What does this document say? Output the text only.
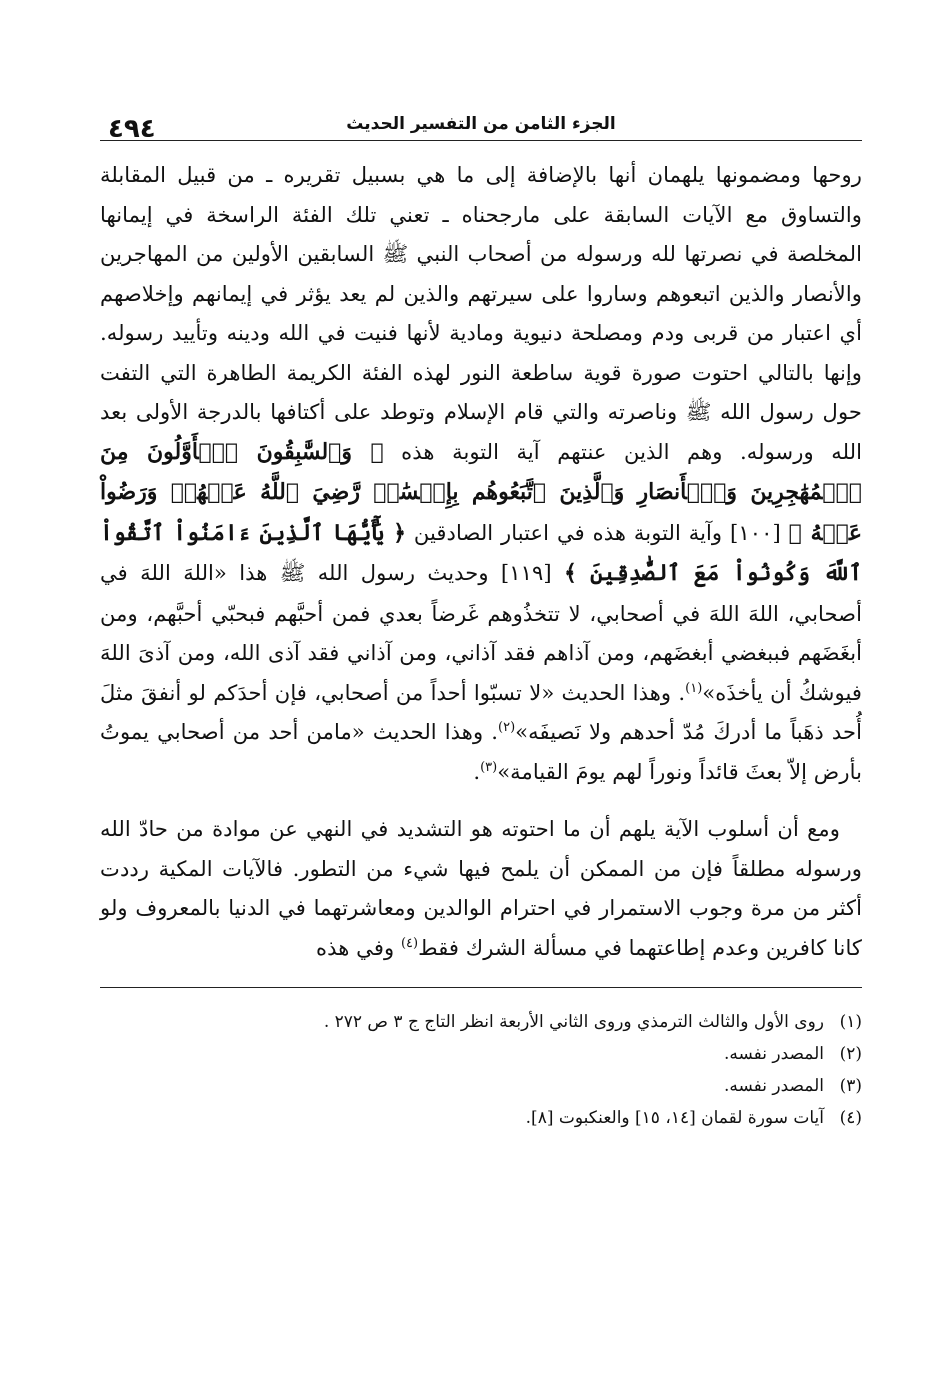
الجزء الثامن من التفسير الحديث
٤٩٤

روحها ومضمونها يلهمان أنها بالإضافة إلى ما هي بسبيل تقريره ـ من قبيل المقابلة والتساوق مع الآيات السابقة على مارجحناه ـ تعني تلك الفئة الراسخة في إيمانها المخلصة في نصرتها لله ورسوله من أصحاب النبي ﷺ السابقين الأولين من المهاجرين والأنصار والذين اتبعوهم وساروا على سيرتهم والذين لم يعد يؤثر في إيمانهم وإخلاصهم أي اعتبار من قربى ودم ومصلحة دنيوية ومادية لأنها فنيت في الله ودينه وتأييد رسوله. وإنها بالتالي احتوت صورة قوية ساطعة النور لهذه الفئة الكريمة الطاهرة التي التفت حول رسول الله ﷺ وناصرته والتي قام الإسلام وتوطد على أكتافها بالدرجة الأولى بعد الله ورسوله. وهم الذين عنتهم آية التوبة هذه ﴿ وَٱلسَّٰبِقُونَ ٱلۡأَوَّلُونَ مِنَ ٱلۡمُهَٰجِرِينَ وَٱلۡأَنصَارِ وَٱلَّذِينَ ٱتَّبَعُوهُم بِإِحۡسَٰنٖ رَّضِيَ ٱللَّهُ عَنۡهُمۡ وَرَضُواْ عَنۡهُ ﴾ [١٠٠] وآية التوبة هذه في اعتبار الصادقين ﴿ يَٰٓأَيُّهَا ٱلَّذِينَ ءَامَنُواْ ٱتَّقُواْ ٱللَّهَ وَكُونُواْ مَعَ ٱلصَّٰدِقِينَ ﴾ [١١٩] وحديث رسول الله ﷺ هذا «اللهَ اللهَ في أصحابي، اللهَ اللهَ في أصحابي، لا تتخذُوهم غَرضاً بعدي فمن أحبَّهم فبحبّي أحبَّهم، ومن أبغَضَهم فببغضي أبغضَهم، ومن آذاهم فقد آذاني، ومن آذاني فقد آذى الله، ومن آذىَ اللهَ فيوشكُ أن يأخذَه»$^{(١)}$. وهذا الحديث «لا تسبّوا أحداً من أصحابي، فإن أحدَكم لو أنفقَ مثلَ أُحد ذهَباً ما أدركَ مُدّ أحدهم ولا نَصيفَه»$^{(٢)}$. وهذا الحديث «مامن أحد من أصحابي يموتُ بأرض إلاّ بعثَ قائداً ونوراً لهم يومَ القيامة»$^{(٣)}$.

ومع أن أسلوب الآية يلهم أن ما احتوته هو التشديد في النهي عن موادة من حادّ الله ورسوله مطلقاً فإن من الممكن أن يلمح فيها شيء من التطور. فالآيات المكية رددت أكثر من مرة وجوب الاستمرار في احترام الوالدين ومعاشرتهما في الدنيا بالمعروف ولو كانا كافرين وعدم إطاعتهما في مسألة الشرك فقط$^{(٤)}$ وفي هذه

(١)روى الأول والثالث الترمذي وروى الثاني الأربعة انظر التاج ج ٣ ص ٢٧٢ .
(٢)المصدر نفسه.
(٣)المصدر نفسه.
(٤)آيات سورة لقمان [١٤، ١٥] والعنكبوت [٨].
